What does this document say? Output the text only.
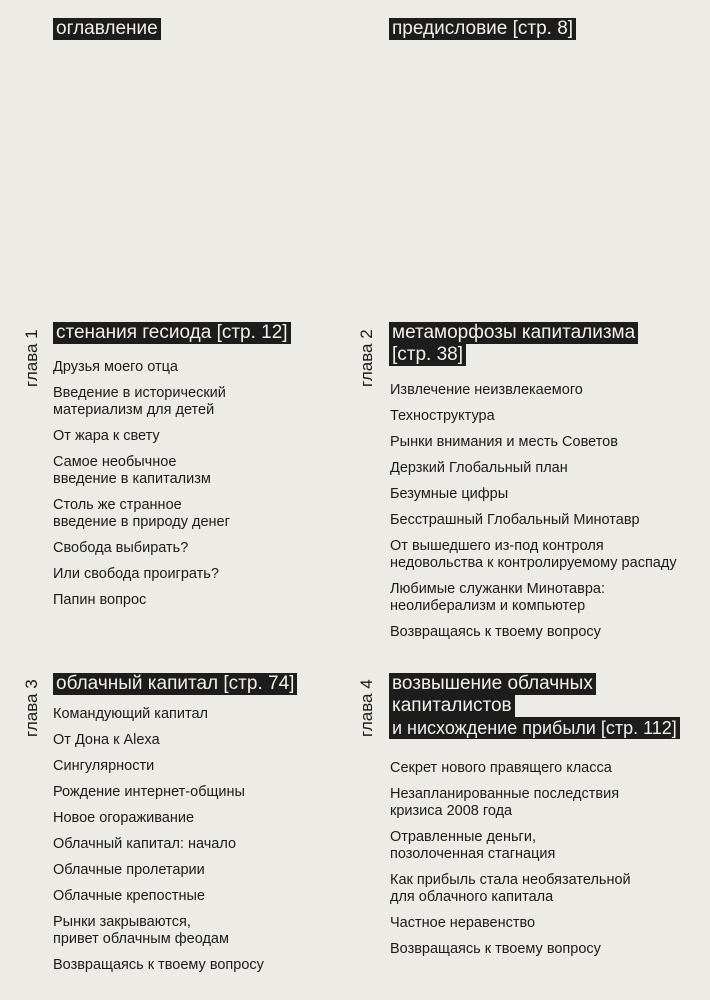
оглавление	предисловие [стр. 8]
глава 1 стенания гесиода [стр. 12]
Друзья моего отца
Введение в исторический
материализм для детей
От жара к свету
Самое необычное
введение в капитализм
Столь же странное
введение в природу денег
Свобода выбирать?
Или свобода проиграть?
Папин вопрос
глава 2 метаморфозы капитализма
[стр. 38]
Извлечение неизвлекаемого
Техноструктура
Рынки внимания и месть Советов
Дерзкий Глобальный план
Безумные цифры
Бесстрашный Глобальный Минотавр
От вышедшего из-под контроля
недовольства к контролируемому распаду
Любимые служанки Минотавра:
неолиберализм и компьютер
Возвращаясь к твоему вопросу
глава 3 облачный капитал [стр. 74]
Командующий капитал
От Дона к Alexa
Сингулярности
Рождение интернет-общины
Новое огораживание
Облачный капитал: начало
Облачные пролетарии
Облачные крепостные
Рынки закрываются,
привет облачным феодам
Возвращаясь к твоему вопросу
глава 4 возвышение облачных
капиталистов
и нисхождение прибыли [стр. 112]
Секрет нового правящего класса
Незапланированные последствия
кризиса 2008 года
Отравленные деньги,
позолоченная стагнация
Как прибыль стала необязательной
для облачного капитала
Частное неравенство
Возвращаясь к твоему вопросу
